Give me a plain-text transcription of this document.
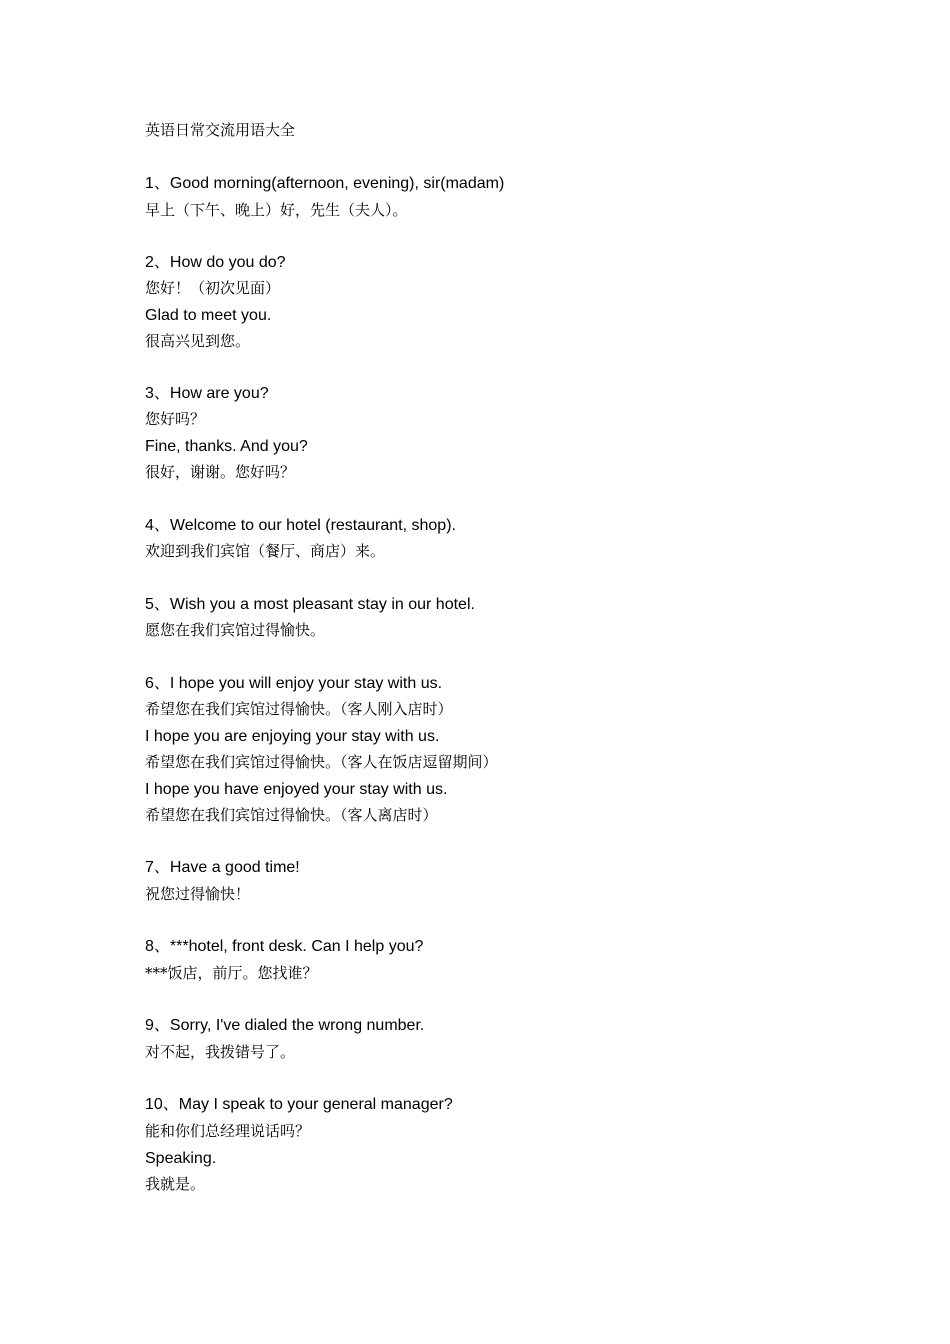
英语日常交流用语大全
1、Good morning(afternoon, evening), sir(madam)
早上（下午、晚上）好，先生（夫人）。
2、How do you do?
您好！（初次见面）
Glad to meet you.
很高兴见到您。
3、How are you?
您好吗？
Fine, thanks. And you?
很好，谢谢。您好吗？
4、Welcome to our hotel (restaurant, shop).
欢迎到我们宾馆（餐厅、商店）来。
5、Wish you a most pleasant stay in our hotel.
愿您在我们宾馆过得愉快。
6、I hope you will enjoy your stay with us.
希望您在我们宾馆过得愉快。（客人刚入店时）
I hope you are enjoying your stay with us.
希望您在我们宾馆过得愉快。（客人在饭店逗留期间）
I hope you have enjoyed your stay with us.
希望您在我们宾馆过得愉快。（客人离店时）
7、Have a good time!
祝您过得愉快！
8、***hotel, front desk. Can I help you?
***饭店，前厅。您找谁？
9、Sorry, I've dialed the wrong number.
对不起，我拨错号了。
10、May I speak to your general manager?
能和你们总经理说话吗？
Speaking.
我就是。
